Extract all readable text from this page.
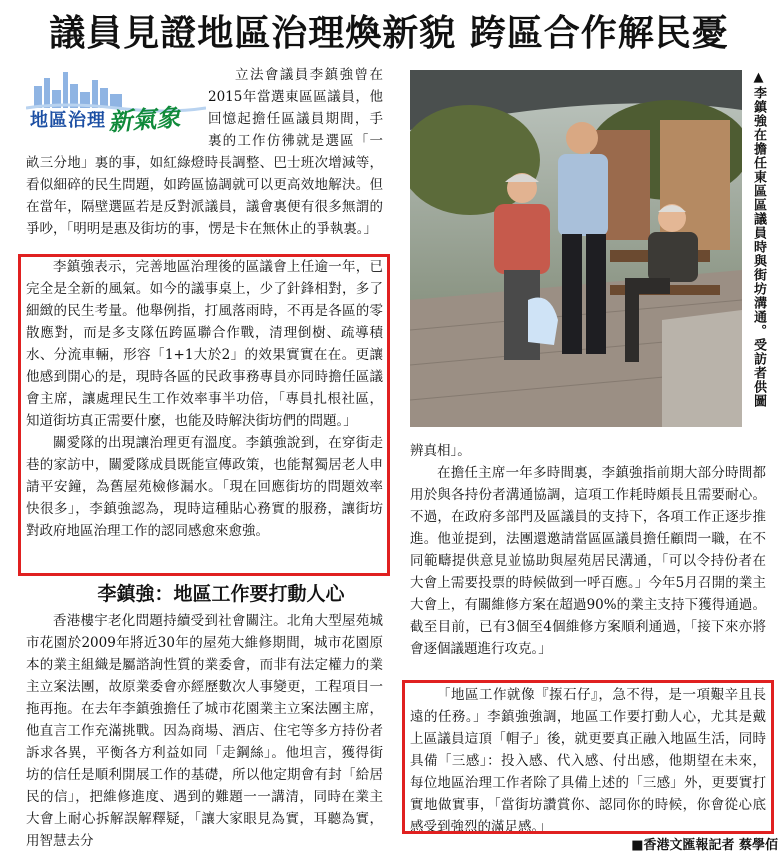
議員見證地區治理煥新貌 跨區合作解民憂
地區治理 新氣象

立法會議員李鎮強曾在2015年當選東區區議員，他回憶起擔任區議員期間，手裏的工作仿彿就是選區「一畝三分地」裏的事，如紅綠燈時長調整、巴士班次增減等，看似細碎的民生問題，如跨區協調就可以更高效地解決。但在當年，隔壁選區若是反對派議員，議會裏便有很多無謂的爭吵，「明明是惠及街坊的事，愣是卡在無休止的爭執裏。」

李鎮強表示，完善地區治理後的區議會上任逾一年，已完全是全新的風氣。如今的議事桌上，少了針鋒相對，多了細緻的民生考量。他舉例指，打風落雨時，不再是各區的零散應對，而是多支隊伍跨區聯合作戰，清理倒樹、疏導積水、分流車輛，形容「1+1大於2」的效果實實在在。更讓他感到開心的是，現時各區的民政事務專員亦同時擔任區議會主席，讓處理民生工作效率事半功倍，「專員扎根社區，知道街坊真正需要什麼，也能及時解決街坊們的問題。」

關愛隊的出現讓治理更有溫度。李鎮強說到，在穿街走巷的家訪中，關愛隊成員既能宣傳政策，也能幫獨居老人申請平安鐘，為舊屋苑檢修漏水。「現在回應街坊的問題效率快很多」，李鎮強認為，現時這種貼心務實的服務，讓街坊對政府地區治理工作的認同感愈來愈強。

李鎮強：地區工作要打動人心

香港樓宇老化問題持續受到社會關注。北角大型屋苑城市花園於2009年將近30年的屋苑大維修期間，城市花園原本的業主組織是屬諮詢性質的業委會，而非有法定權力的業主立案法團，故原業委會亦經歷數次人事變更，工程項目一拖再拖。在去年李鎮強擔任了城市花園業主立案法團主席，他直言工作充滿挑戰。因為商場、酒店、住宅等多方持份者訴求各異，平衡各方利益如同「走鋼絲」。他坦言，獲得街坊的信任是順利開展工作的基礎，所以他定期會有封「給居民的信」，把維修進度、遇到的難題一一講清，同時在業主大會上耐心拆解誤解釋疑，「讓大家眼見為實，耳聽為實，用智慧去分

▲李鎮強在擔任東區區議員時與街坊溝通。受訪者供圖

辨真相」。

在擔任主席一年多時間裏，李鎮強指前期大部分時間都用於與各持份者溝通協調，這項工作耗時頗長且需要耐心。不過，在政府多部門及區議員的支持下，各項工作正逐步推進。他並提到，法團還邀請當區區議員擔任顧問一職，在不同範疇提供意見並協助與屋苑居民溝通，「可以令持份者在大會上需要投票的時候做到一呼百應。」今年5月召開的業主大會上，有關維修方案在超過90%的業主支持下獲得通過。截至目前，已有3個至4個維修方案順利通過，「接下來亦將會逐個議題進行攻克。」

「地區工作就像『揼石仔』，急不得，是一項艱辛且長遠的任務。」李鎮強強調，地區工作要打動人心，尤其是戴上區議員這頂「帽子」後，就更要真正融入地區生活，同時具備「三感」：投入感、代入感、付出感，他期望在未來，每位地區治理工作者除了具備上述的「三感」外，更要實打實地做實事，「當街坊讚賞你、認同你的時候，你會從心底感受到強烈的滿足感。」

■香港文匯報記者 蔡學佰
